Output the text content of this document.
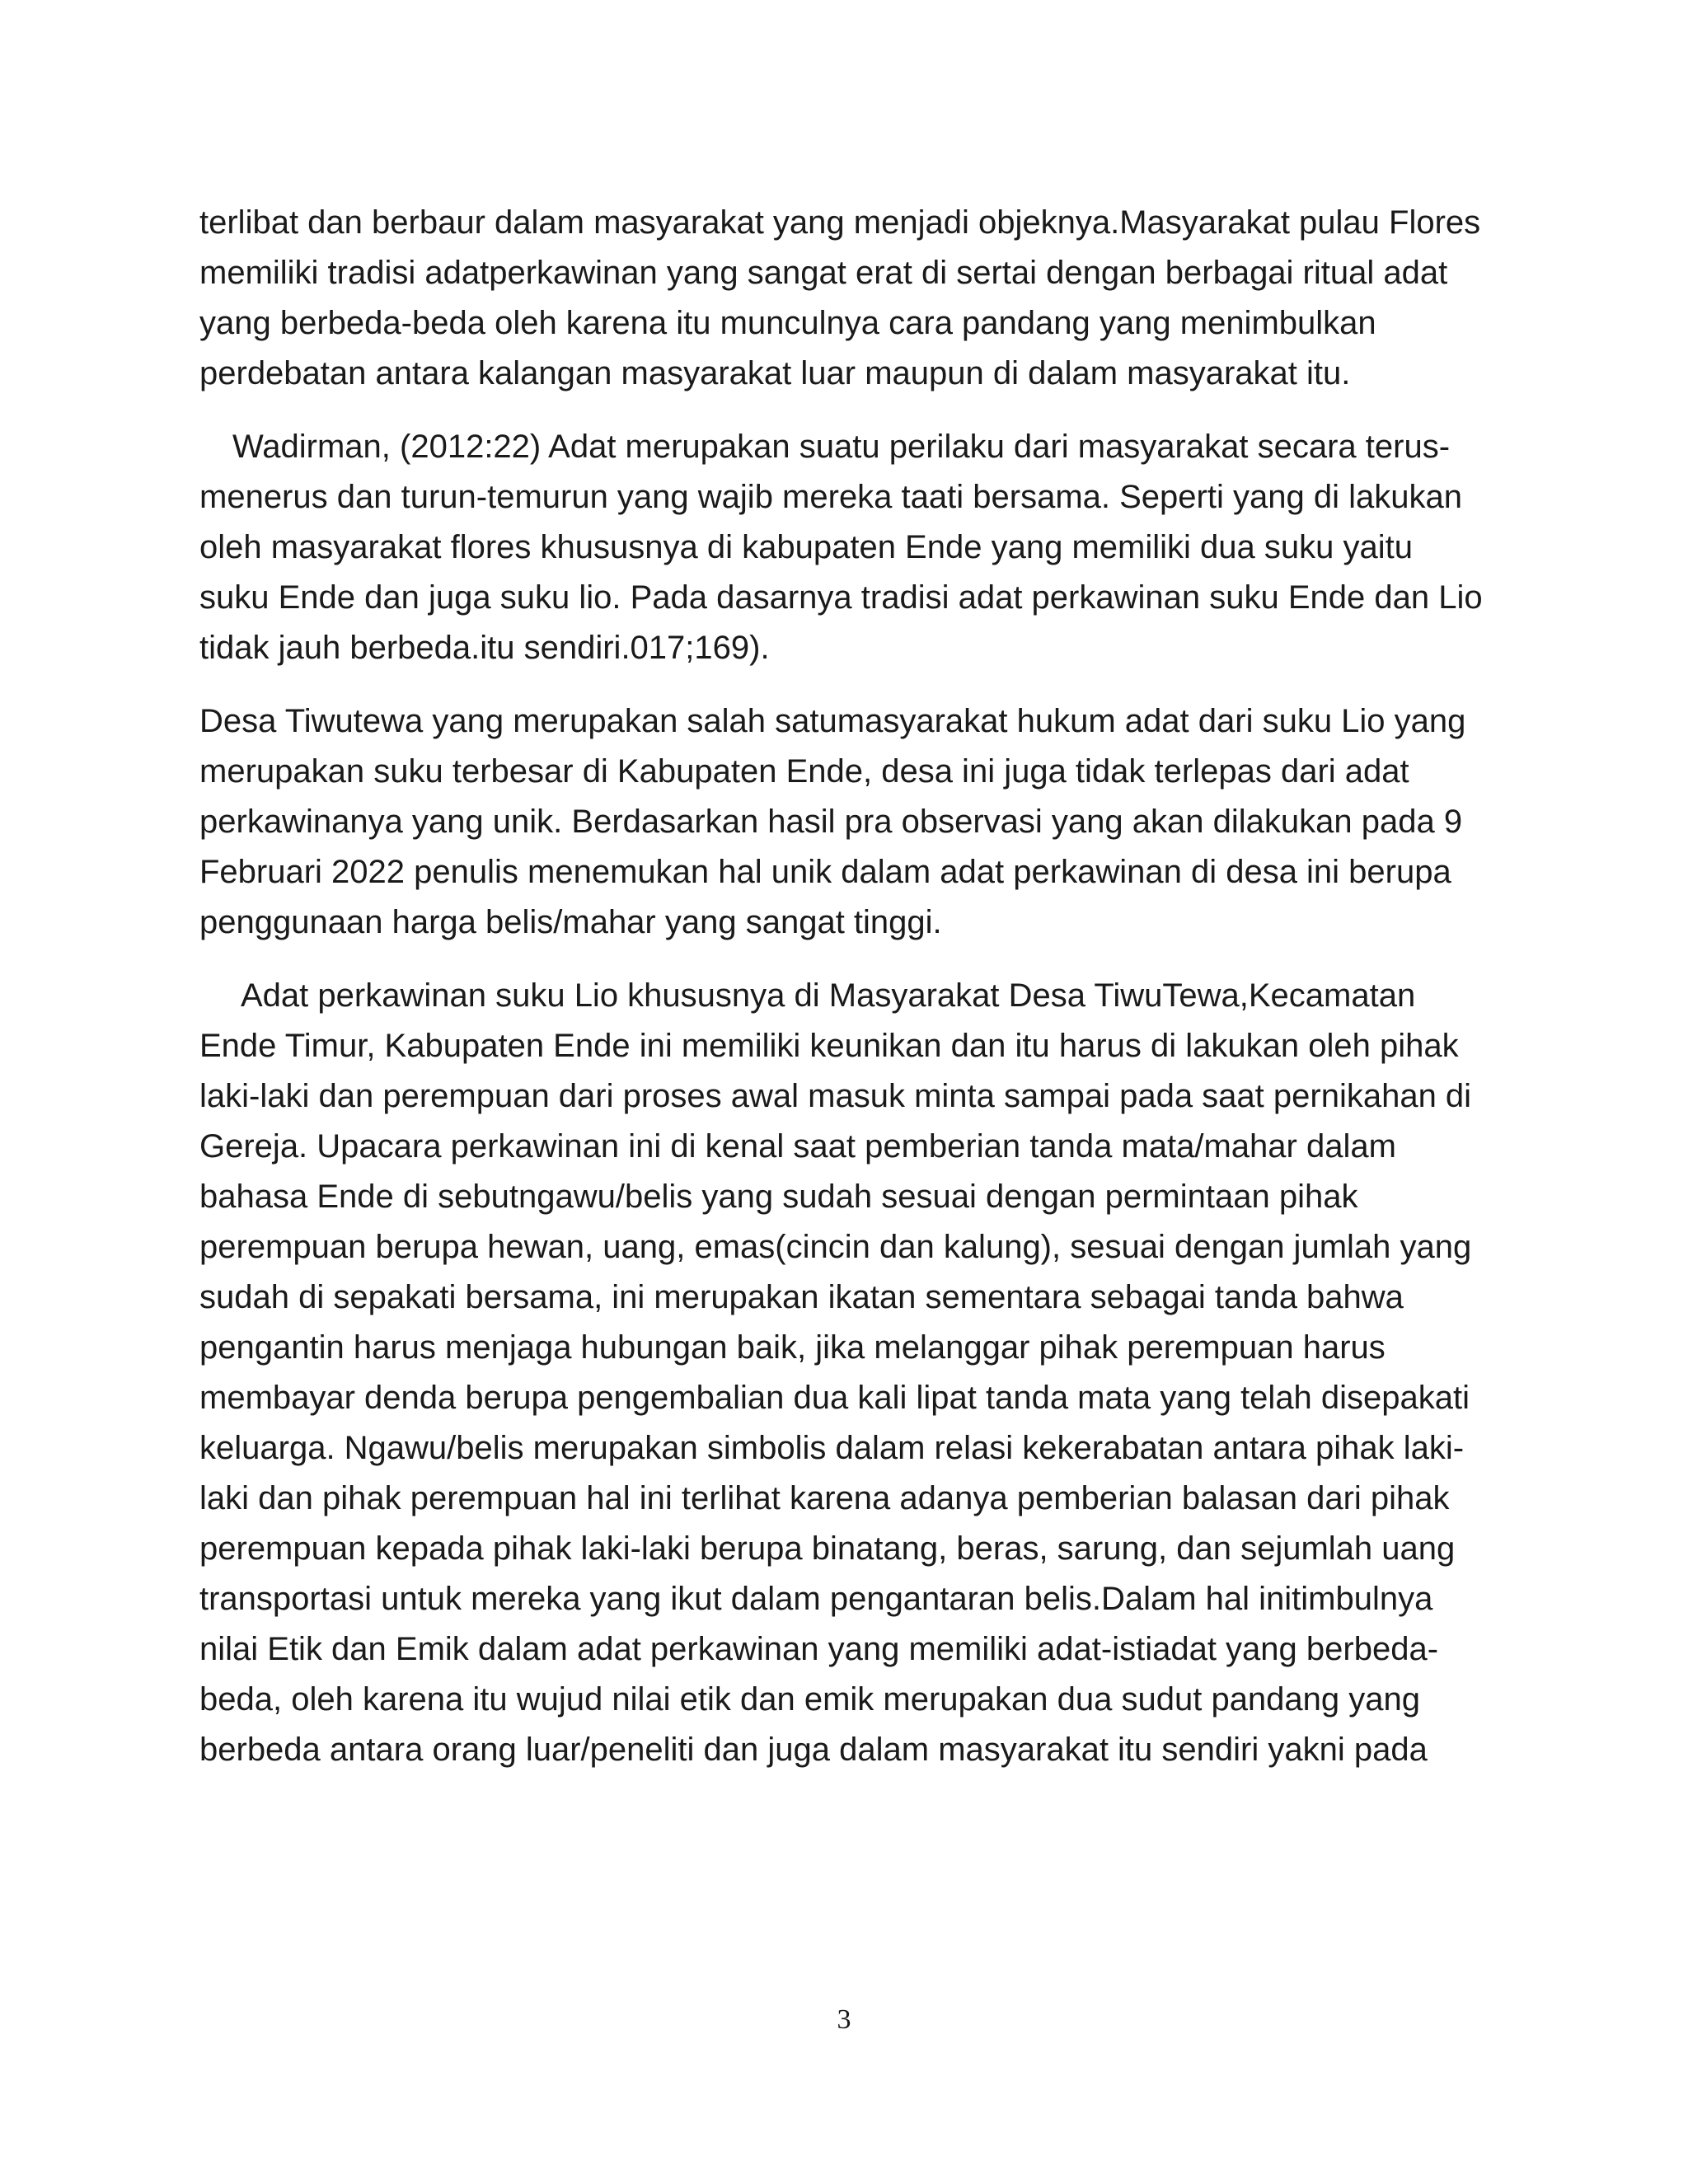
terlibat dan berbaur dalam masyarakat yang menjadi objeknya.Masyarakat pulau Flores memiliki tradisi adatperkawinan yang sangat erat di sertai dengan berbagai ritual adat yang berbeda-beda oleh karena itu munculnya cara pandang yang menimbulkan perdebatan antara kalangan masyarakat luar maupun di dalam masyarakat itu.

Wadirman, (2012:22) Adat merupakan suatu perilaku dari masyarakat secara terus-menerus dan turun-temurun yang wajib mereka taati bersama. Seperti yang di lakukan oleh masyarakat flores khususnya di kabupaten Ende yang memiliki dua suku yaitu suku Ende dan juga suku lio. Pada dasarnya tradisi adat perkawinan suku Ende dan Lio tidak jauh berbeda.itu sendiri.017;169).

Desa Tiwutewa yang merupakan salah satumasyarakat hukum adat dari suku Lio yang merupakan suku terbesar di Kabupaten Ende, desa ini juga tidak terlepas dari adat perkawinanya yang unik. Berdasarkan hasil pra observasi yang akan dilakukan pada 9 Februari 2022 penulis menemukan hal unik dalam adat perkawinan di desa ini berupa penggunaan harga belis/mahar yang sangat tinggi.

Adat perkawinan suku Lio khususnya di Masyarakat Desa TiwuTewa,Kecamatan Ende Timur, Kabupaten Ende ini memiliki keunikan dan itu harus di lakukan oleh pihak laki-laki dan perempuan dari proses awal masuk minta sampai pada saat pernikahan di Gereja. Upacara perkawinan ini di kenal saat pemberian tanda mata/mahar dalam bahasa Ende di sebutngawu/belis yang sudah sesuai dengan permintaan pihak perempuan berupa hewan, uang, emas(cincin dan kalung), sesuai dengan jumlah yang sudah di sepakati bersama, ini merupakan ikatan sementara sebagai tanda bahwa pengantin harus menjaga hubungan baik, jika melanggar pihak perempuan harus membayar denda berupa pengembalian dua kali lipat tanda mata yang telah disepakati keluarga. Ngawu/belis merupakan simbolis dalam relasi kekerabatan antara pihak laki-laki dan pihak perempuan hal ini terlihat karena adanya pemberian balasan dari pihak perempuan kepada pihak laki-laki berupa binatang, beras, sarung, dan sejumlah uang transportasi untuk mereka yang ikut dalam pengantaran belis.Dalam hal initimbulnya nilai Etik dan Emik dalam adat perkawinan yang memiliki adat-istiadat yang berbeda-beda, oleh karena itu wujud nilai etik dan emik merupakan dua sudut pandang yang berbeda antara orang luar/peneliti dan juga dalam masyarakat itu sendiri yakni pada

3
